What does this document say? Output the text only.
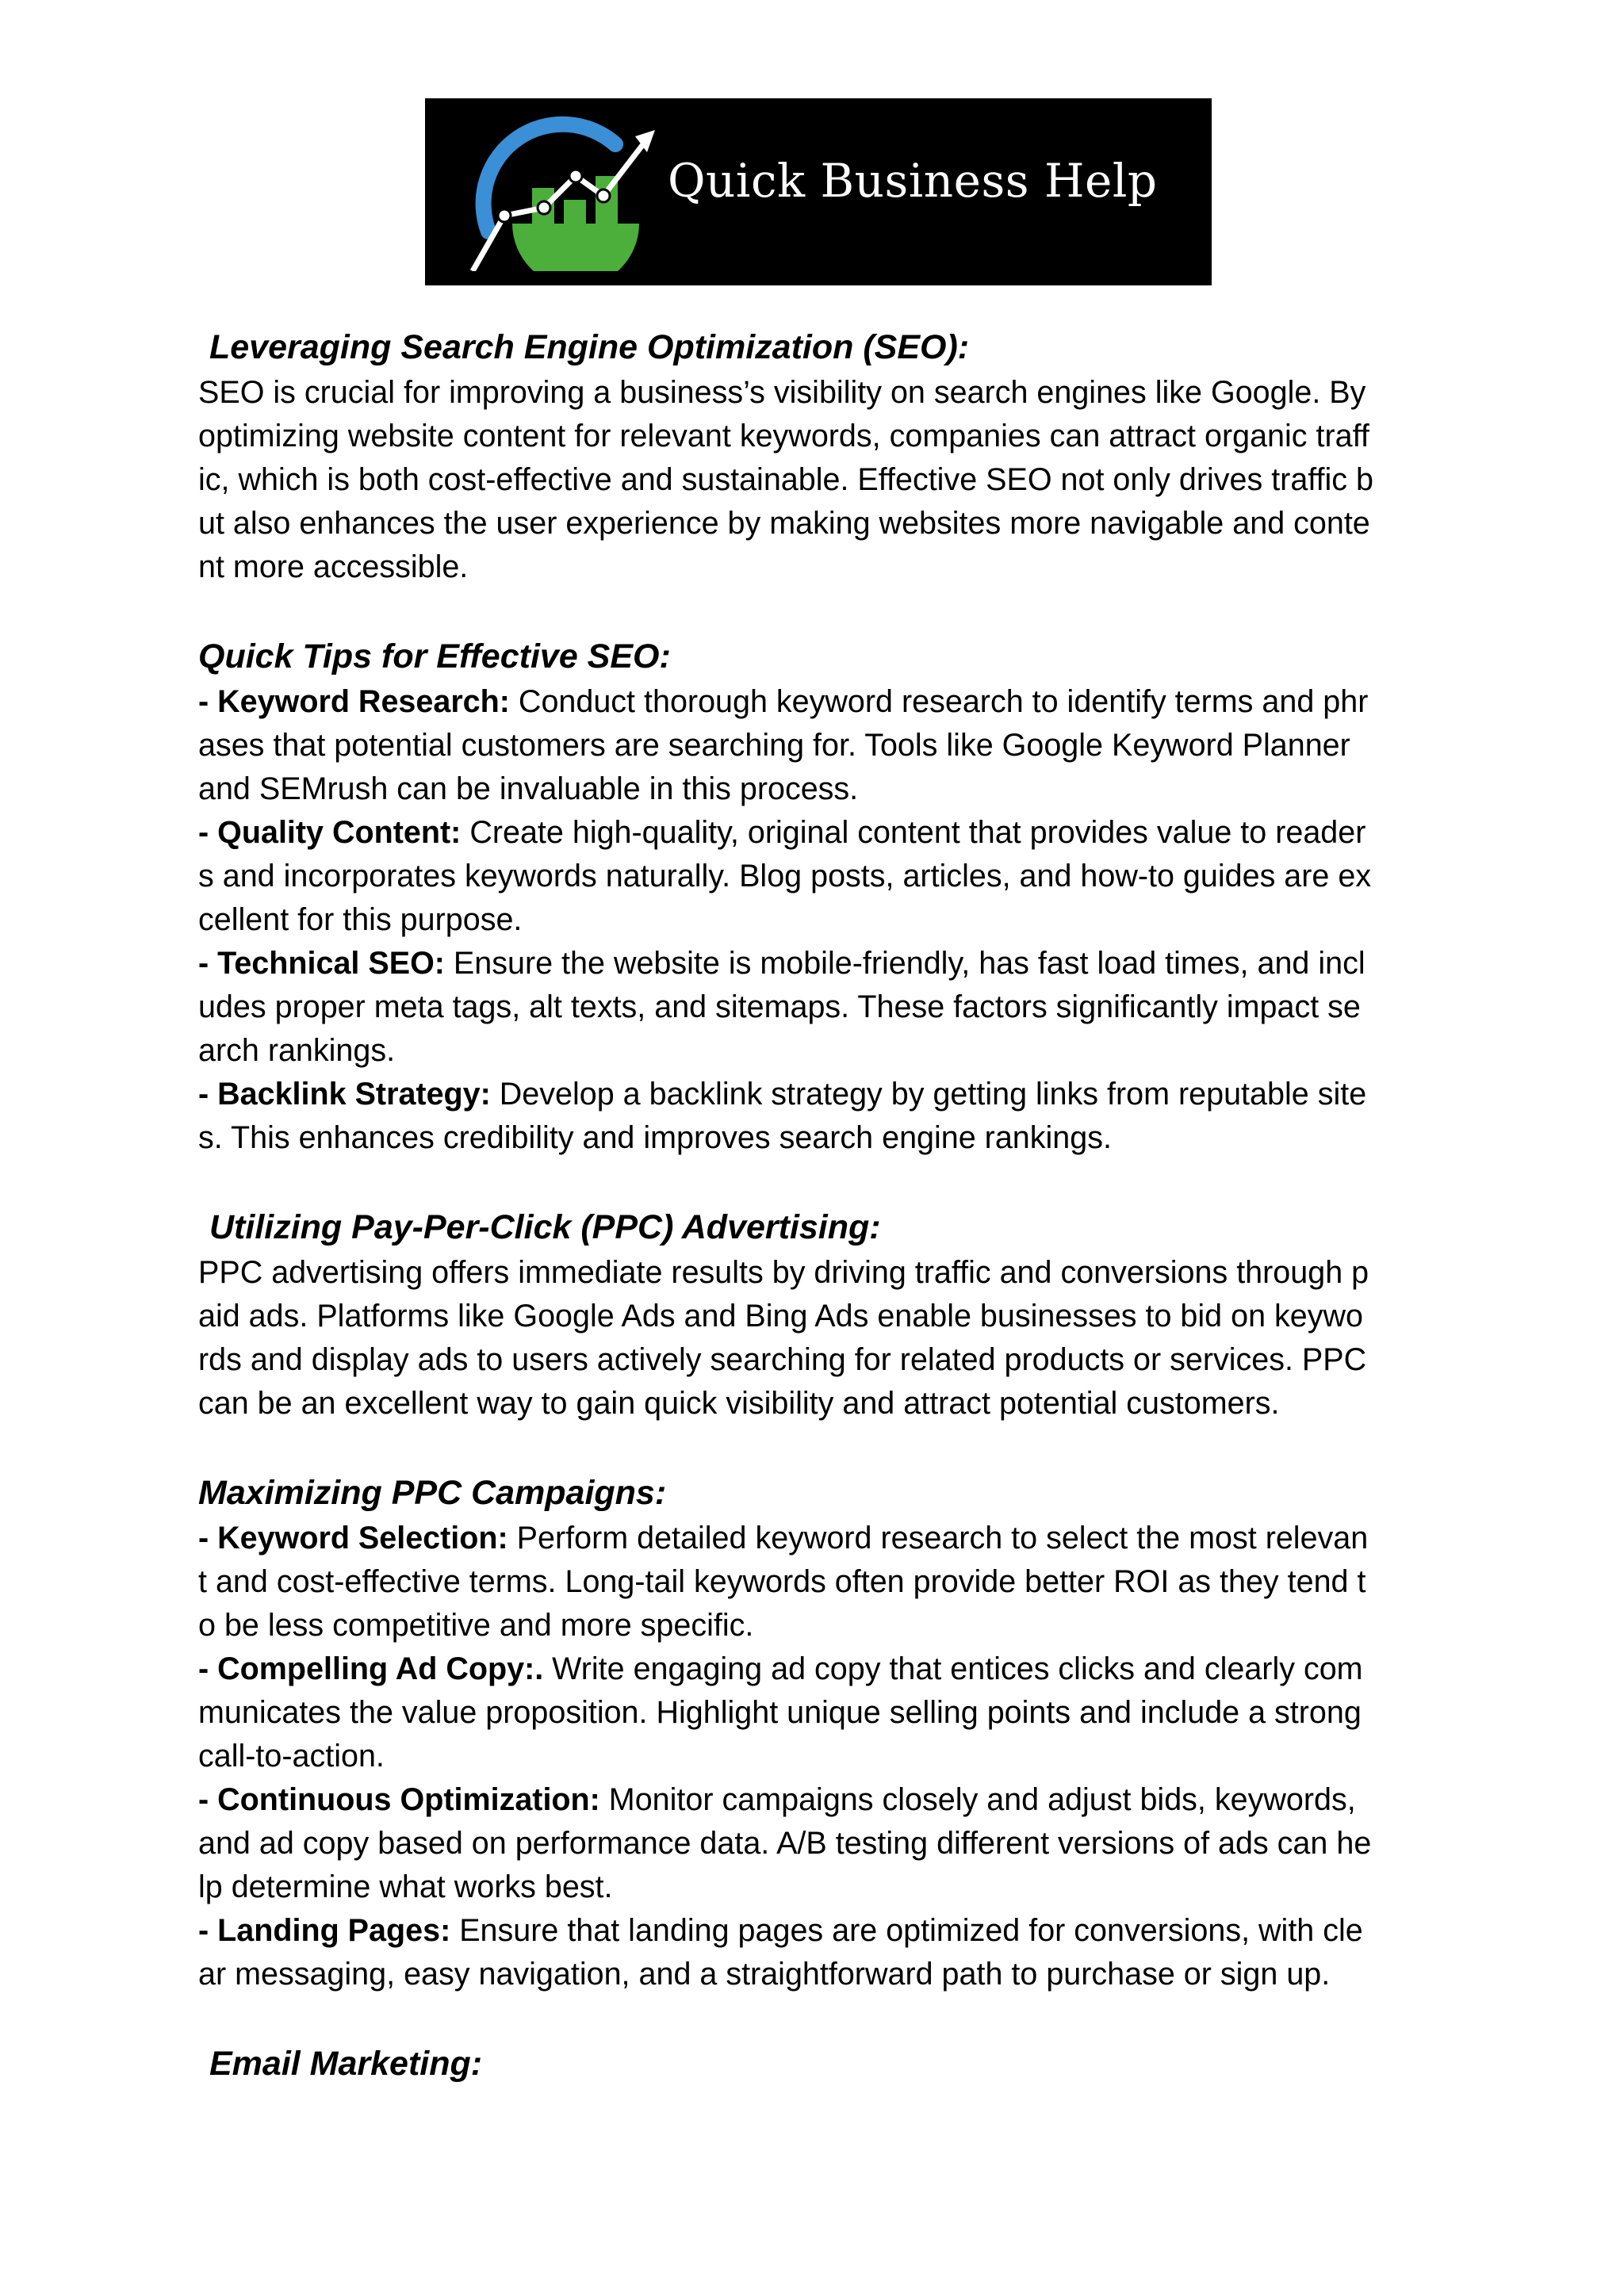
Quick Business Help
Leveraging Search Engine Optimization (SEO):

SEO is crucial for improving a business’s visibility on search engines like Google. By

optimizing website content for relevant keywords, companies can attract organic traff

ic, which is both cost-effective and sustainable. Effective SEO not only drives traffic b

ut also enhances the user experience by making websites more navigable and conte

nt more accessible.

Quick Tips for Effective SEO:

- Keyword Research: Conduct thorough keyword research to identify terms and phr

ases that potential customers are searching for. Tools like Google Keyword Planner

and SEMrush can be invaluable in this process.

- Quality Content: Create high-quality, original content that provides value to reader

s and incorporates keywords naturally. Blog posts, articles, and how-to guides are ex

cellent for this purpose.

- Technical SEO: Ensure the website is mobile-friendly, has fast load times, and incl

udes proper meta tags, alt texts, and sitemaps. These factors significantly impact se

arch rankings.

- Backlink Strategy: Develop a backlink strategy by getting links from reputable site

s. This enhances credibility and improves search engine rankings.

Utilizing Pay-Per-Click (PPC) Advertising:

PPC advertising offers immediate results by driving traffic and conversions through p

aid ads. Platforms like Google Ads and Bing Ads enable businesses to bid on keywo

rds and display ads to users actively searching for related products or services. PPC

can be an excellent way to gain quick visibility and attract potential customers.

Maximizing PPC Campaigns:

- Keyword Selection: Perform detailed keyword research to select the most relevan

t and cost-effective terms. Long-tail keywords often provide better ROI as they tend t

o be less competitive and more specific.

- Compelling Ad Copy:. Write engaging ad copy that entices clicks and clearly com

municates the value proposition. Highlight unique selling points and include a strong

call-to-action.

- Continuous Optimization: Monitor campaigns closely and adjust bids, keywords,

and ad copy based on performance data. A/B testing different versions of ads can he

lp determine what works best.

- Landing Pages: Ensure that landing pages are optimized for conversions, with cle

ar messaging, easy navigation, and a straightforward path to purchase or sign up.

Email Marketing:
